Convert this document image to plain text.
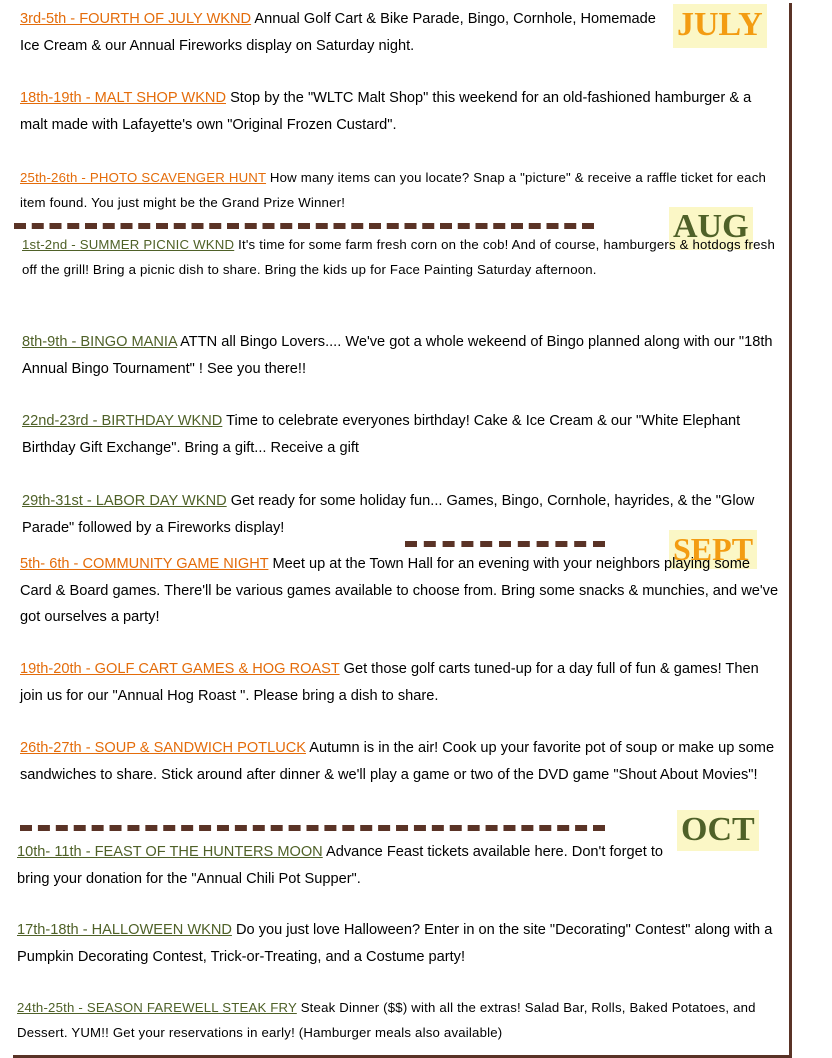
JULY
AUG
SEPT
OCT
3rd-5th - FOURTH OF JULY WKND Annual Golf Cart & Bike Parade, Bingo, Cornhole, Homemade Ice Cream & our Annual Fireworks display on Saturday night.
18th-19th - MALT SHOP WKND Stop by the "WLTC Malt Shop" this weekend for an old-fashioned hamburger & a malt made with Lafayette's own "Original Frozen Custard".
25th-26th - PHOTO SCAVENGER HUNT How many items can you locate? Snap a "picture" & receive a raffle ticket for each item found. You just might be the Grand Prize Winner!
1st-2nd - SUMMER PICNIC WKND It's time for some farm fresh corn on the cob! And of course, hamburgers & hotdogs fresh off the grill! Bring a picnic dish to share. Bring the kids up for Face Painting Saturday afternoon.
8th-9th - BINGO MANIA ATTN all Bingo Lovers.... We've got a whole wekeend of Bingo planned along with our "18th Annual Bingo Tournament" ! See you there!!
22nd-23rd - BIRTHDAY WKND Time to celebrate everyones birthday! Cake & Ice Cream & our "White Elephant Birthday Gift Exchange". Bring a gift... Receive a gift
29th-31st - LABOR DAY WKND Get ready for some holiday fun... Games, Bingo, Cornhole, hayrides, & the "Glow Parade" followed by a Fireworks display!
5th- 6th - COMMUNITY GAME NIGHT Meet up at the Town Hall for an evening with your neighbors playing some Card & Board games. There'll be various games available to choose from. Bring some snacks & munchies, and we've got ourselves a party!
19th-20th - GOLF CART GAMES & HOG ROAST Get those golf carts tuned-up for a day full of fun & games! Then join us for our "Annual Hog Roast ". Please bring a dish to share.
26th-27th - SOUP & SANDWICH POTLUCK Autumn is in the air! Cook up your favorite pot of soup or make up some sandwiches to share. Stick around after dinner & we'll play a game or two of the DVD game "Shout About Movies"!
10th- 11th - FEAST OF THE HUNTERS MOON Advance Feast tickets available here. Don't forget to bring your donation for the "Annual Chili Pot Supper".
17th-18th - HALLOWEEN WKND Do you just love Halloween? Enter in on the site "Decorating" Contest" along with a Pumpkin Decorating Contest, Trick-or-Treating, and a Costume party!
24th-25th - SEASON FAREWELL STEAK FRY Steak Dinner ($$) with all the extras! Salad Bar, Rolls, Baked Potatoes, and Dessert. YUM!! Get your reservations in early! (Hamburger meals also available)
